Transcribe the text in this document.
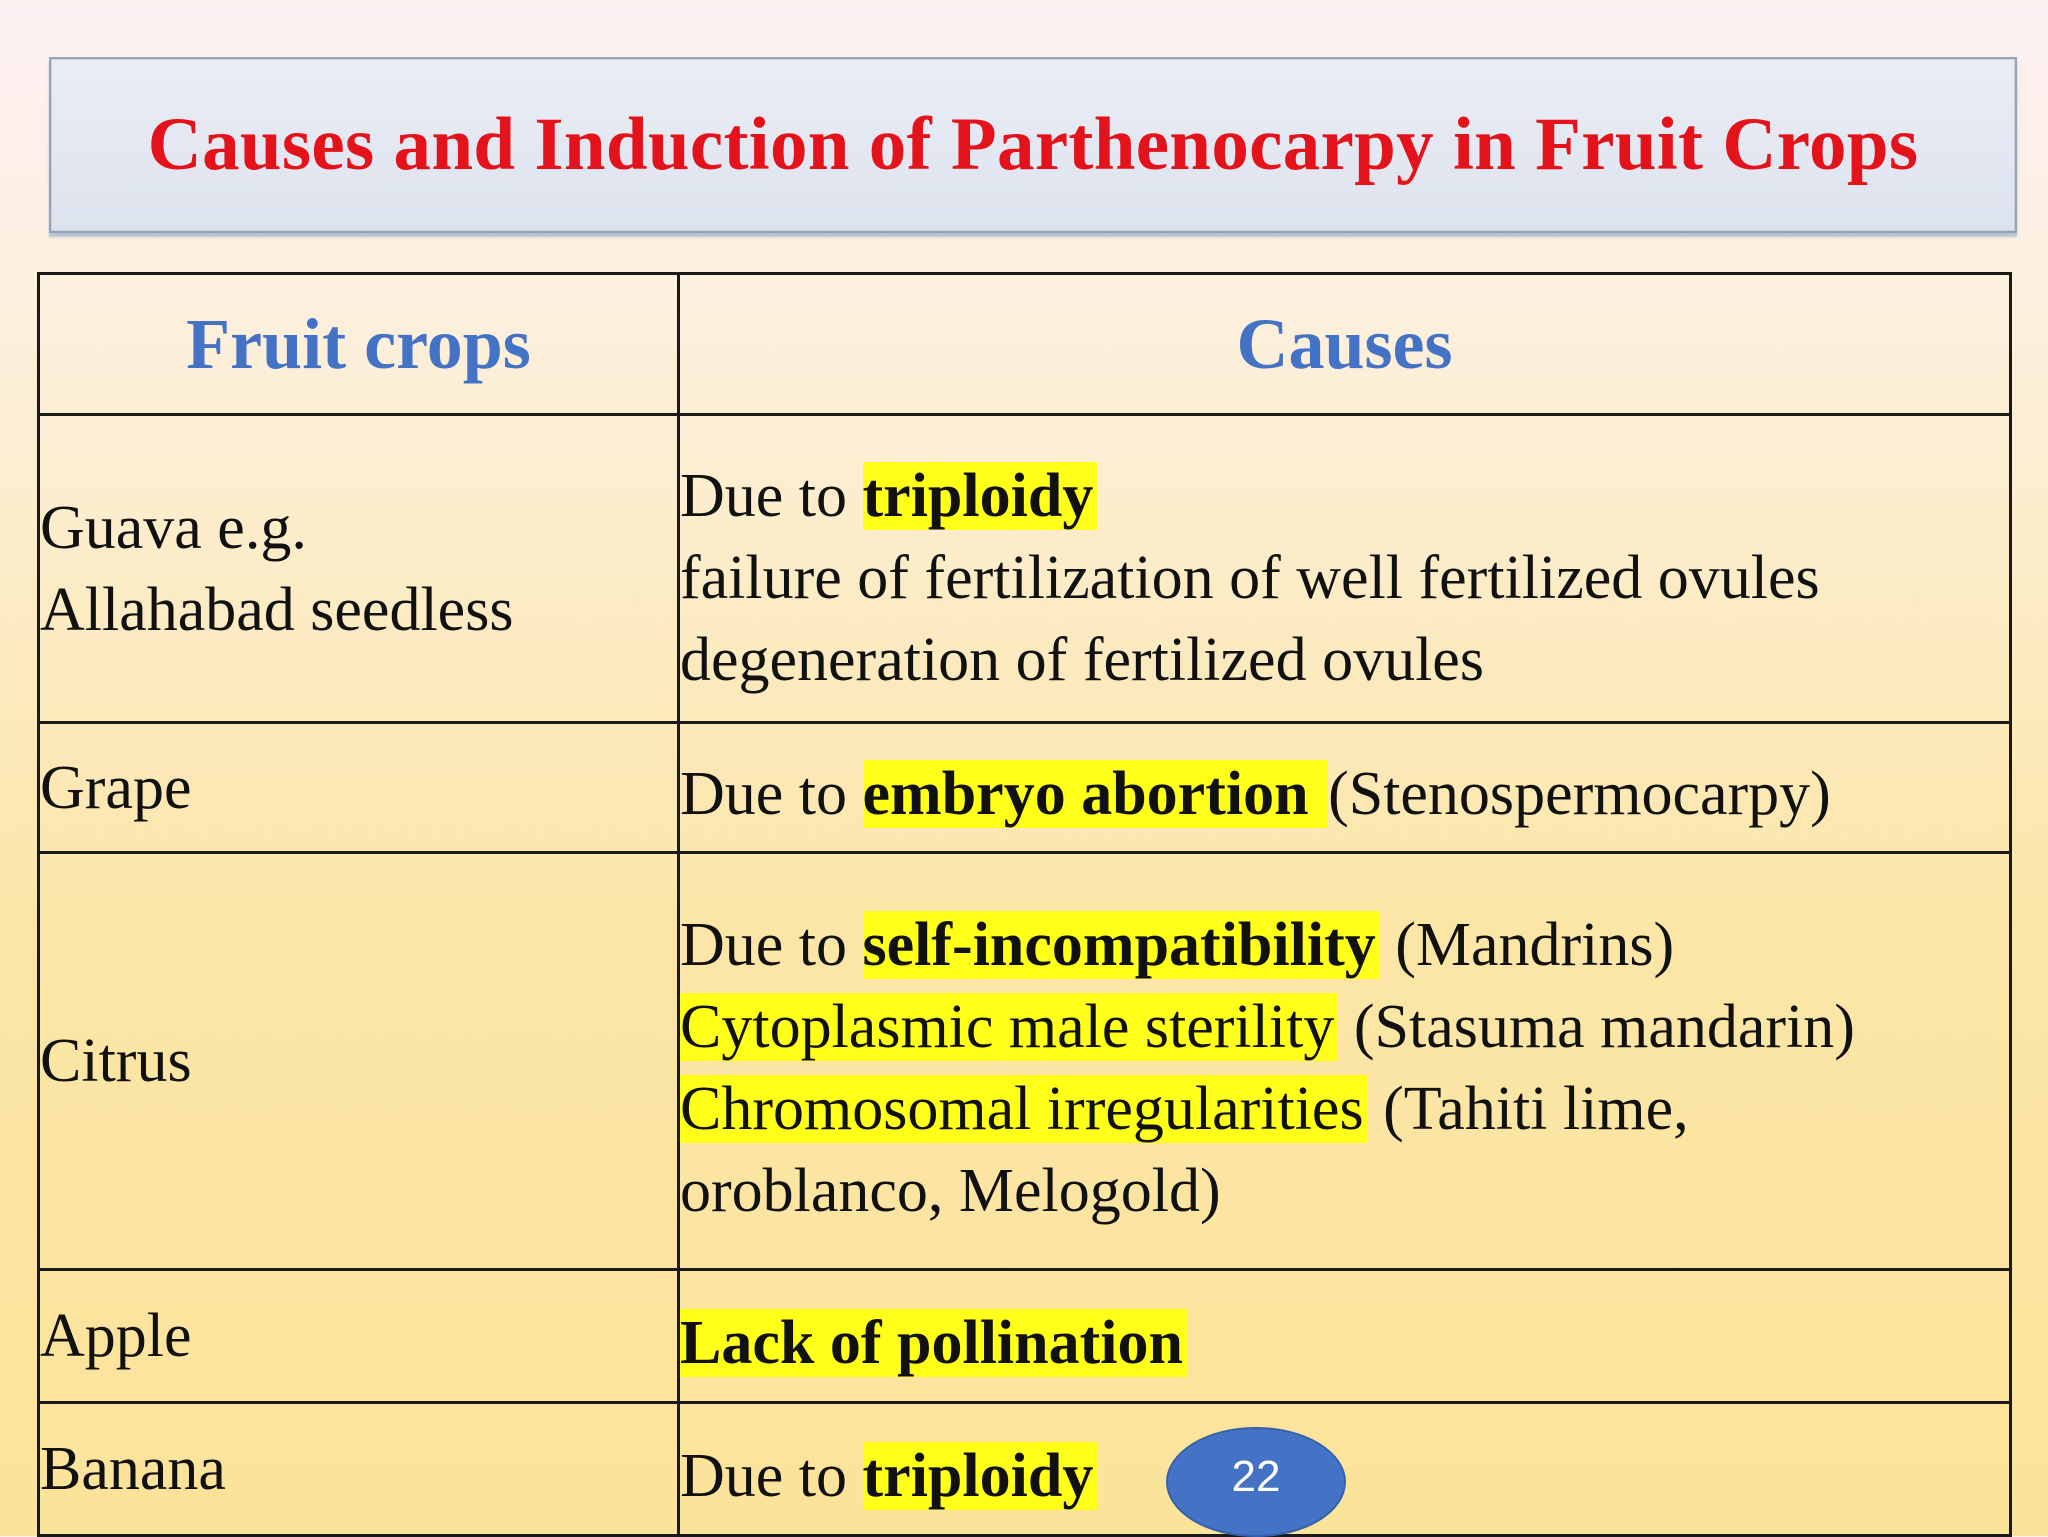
Causes and Induction of Parthenocarpy in Fruit Crops
Fruit crops	Causes

Guava e.g.
Allahabad seedless	Due to triploidy
failure of fertilization of well fertilized ovules
degeneration of fertilized ovules

Grape	Due to embryo abortion (Stenospermocarpy)

Citrus	Due to self-incompatibility (Mandrins)
Cytoplasmic male sterility (Stasuma mandarin)
Chromosomal irregularities (Tahiti lime,
oroblanco, Melogold)

Apple	Lack of pollination

Banana	Due to triploidy	22
